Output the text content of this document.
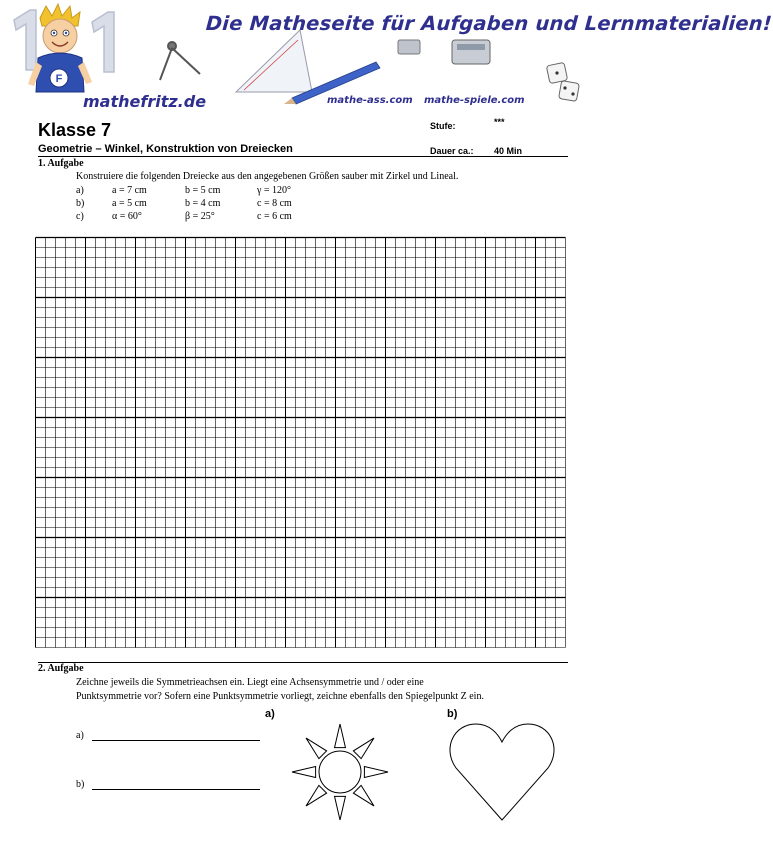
F
Die Matheseite für Aufgaben und Lernmaterialien!
mathefritz.de	mathe-ass.com mathe-spiele.com
Klasse 7	Stufe:	***
Geometrie – Winkel, Konstruktion von Dreiecken	Dauer ca.: 40 Min
1. Aufgabe
Konstruiere die folgenden Dreiecke aus den angegebenen Größen sauber mit Zirkel und Lineal.
a)	a = 7 cm	b = 5 cm	γ = 120°
b)	a = 5 cm	b = 4 cm	c = 8 cm
c)	α = 60°	β = 25°	c = 6 cm
2. Aufgabe
Zeichne jeweils die Symmetrieachsen ein. Liegt eine Achsensymmetrie und / oder eine
Punktsymmetrie vor? Sofern eine Punktsymmetrie vorliegt, zeichne ebenfalls den Spiegelpunkt Z ein.
a)	b)
a)
b)
